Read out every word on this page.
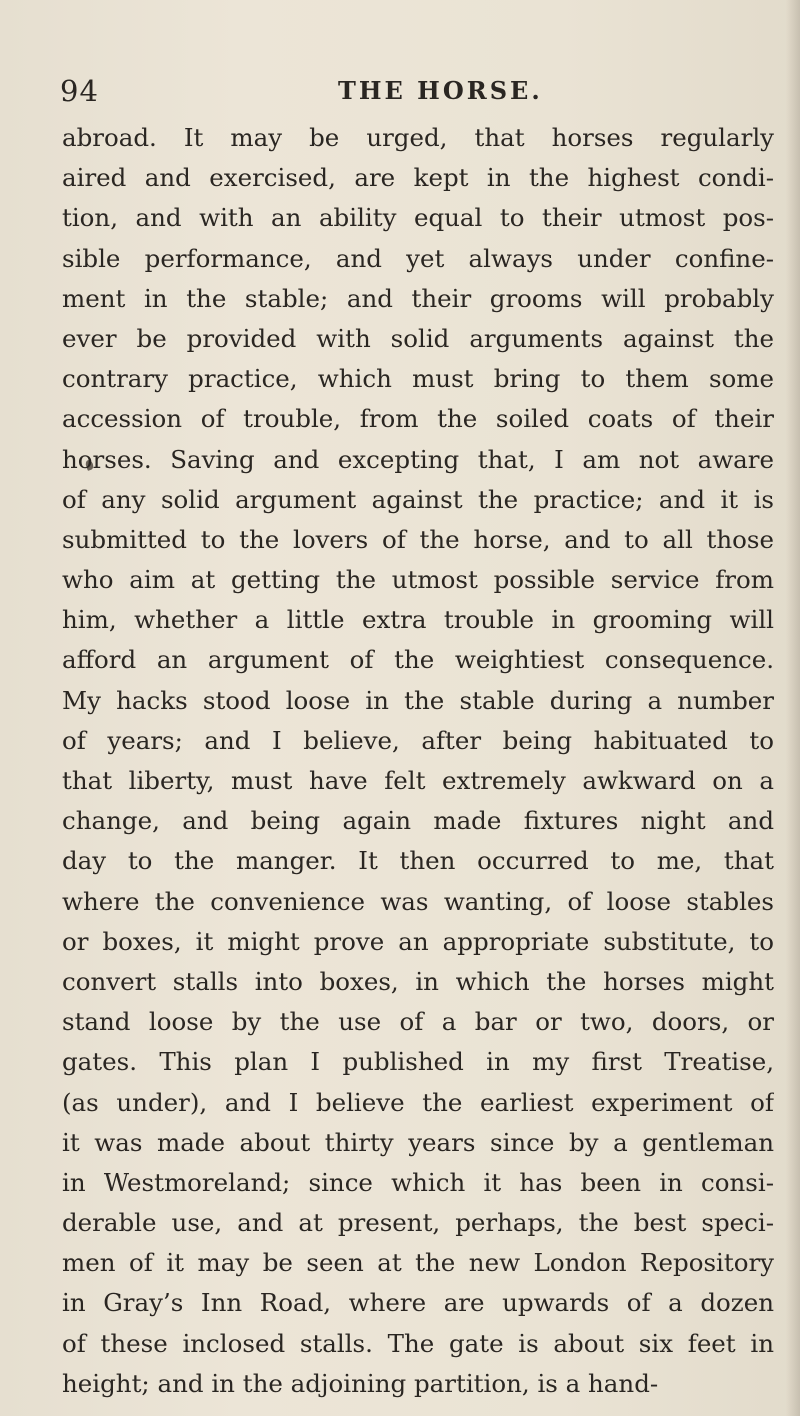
94	THE HORSE.
abroad. It may be urged, that horses regularly
aired and exercised, are kept in the highest condi-
tion, and with an ability equal to their utmost pos-
sible performance, and yet always under confine-
ment in the stable; and their grooms will probably
ever be provided with solid arguments against the
contrary practice, which must bring to them some
accession of trouble, from the soiled coats of their
horses. Saving and excepting that, I am not aware
of any solid argument against the practice; and it is
submitted to the lovers of the horse, and to all those
who aim at getting the utmost possible service from
him, whether a little extra trouble in grooming will
afford an argument of the weightiest consequence.
My hacks stood loose in the stable during a number
of years; and I believe, after being habituated to
that liberty, must have felt extremely awkward on a
change, and being again made fixtures night and
day to the manger. It then occurred to me, that
where the convenience was wanting, of loose stables
or boxes, it might prove an appropriate substitute, to
convert stalls into boxes, in which the horses might
stand loose by the use of a bar or two, doors, or
gates. This plan I published in my first Treatise,
(as under), and I believe the earliest experiment of
it was made about thirty years since by a gentleman
in Westmoreland; since which it has been in consi-
derable use, and at present, perhaps, the best speci-
men of it may be seen at the new London Repository
in Gray’s Inn Road, where are upwards of a dozen
of these inclosed stalls. The gate is about six feet in
height; and in the adjoining partition, is a hand-
